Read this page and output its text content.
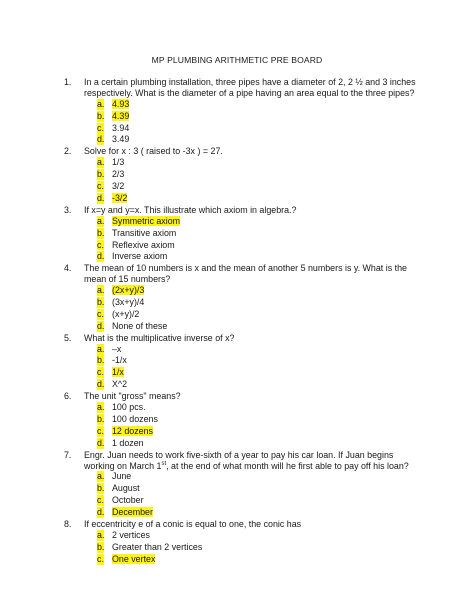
MP PLUMBING ARITHMETIC PRE BOARD
1. In a certain plumbing installation, three pipes have a diameter of 2, 2 ½ and 3 inches respectively. What is the diameter of a pipe having an area equal to the three pipes?
a. 4.93
b. 4.39
c. 3.94
d. 3.49
2. Solve for x : 3 ( raised to -3x ) = 27.
a. 1/3
b. 2/3
c. 3/2
d. -3/2
3. If x=y and y=x. This illustrate which axiom in algebra.?
a. Symmetric axiom
b. Transitive axiom
c. Reflexive axiom
d. Inverse axiom
4. The mean of 10 numbers is x and the mean of another 5 numbers is y. What is the mean of 15 numbers?
a. (2x+y)/3
b. (3x+y)/4
c. (x+y)/2
d. None of these
5. What is the multiplicative inverse of x?
a. –x
b. -1/x
c. 1/x
d. X^2
6. The unit "gross" means?
a. 100 pcs.
b. 100 dozens
c. 12 dozens
d. 1 dozen
7. Engr. Juan needs to work five-sixth of a year to pay his car loan. If Juan begins working on March 1st, at the end of what month will he first able to pay off his loan?
a. June
b. August
c. October
d. December
8. If eccentricity e of a conic is equal to one, the conic has
a. 2 vertices
b. Greater than 2 vertices
c. One vertex
